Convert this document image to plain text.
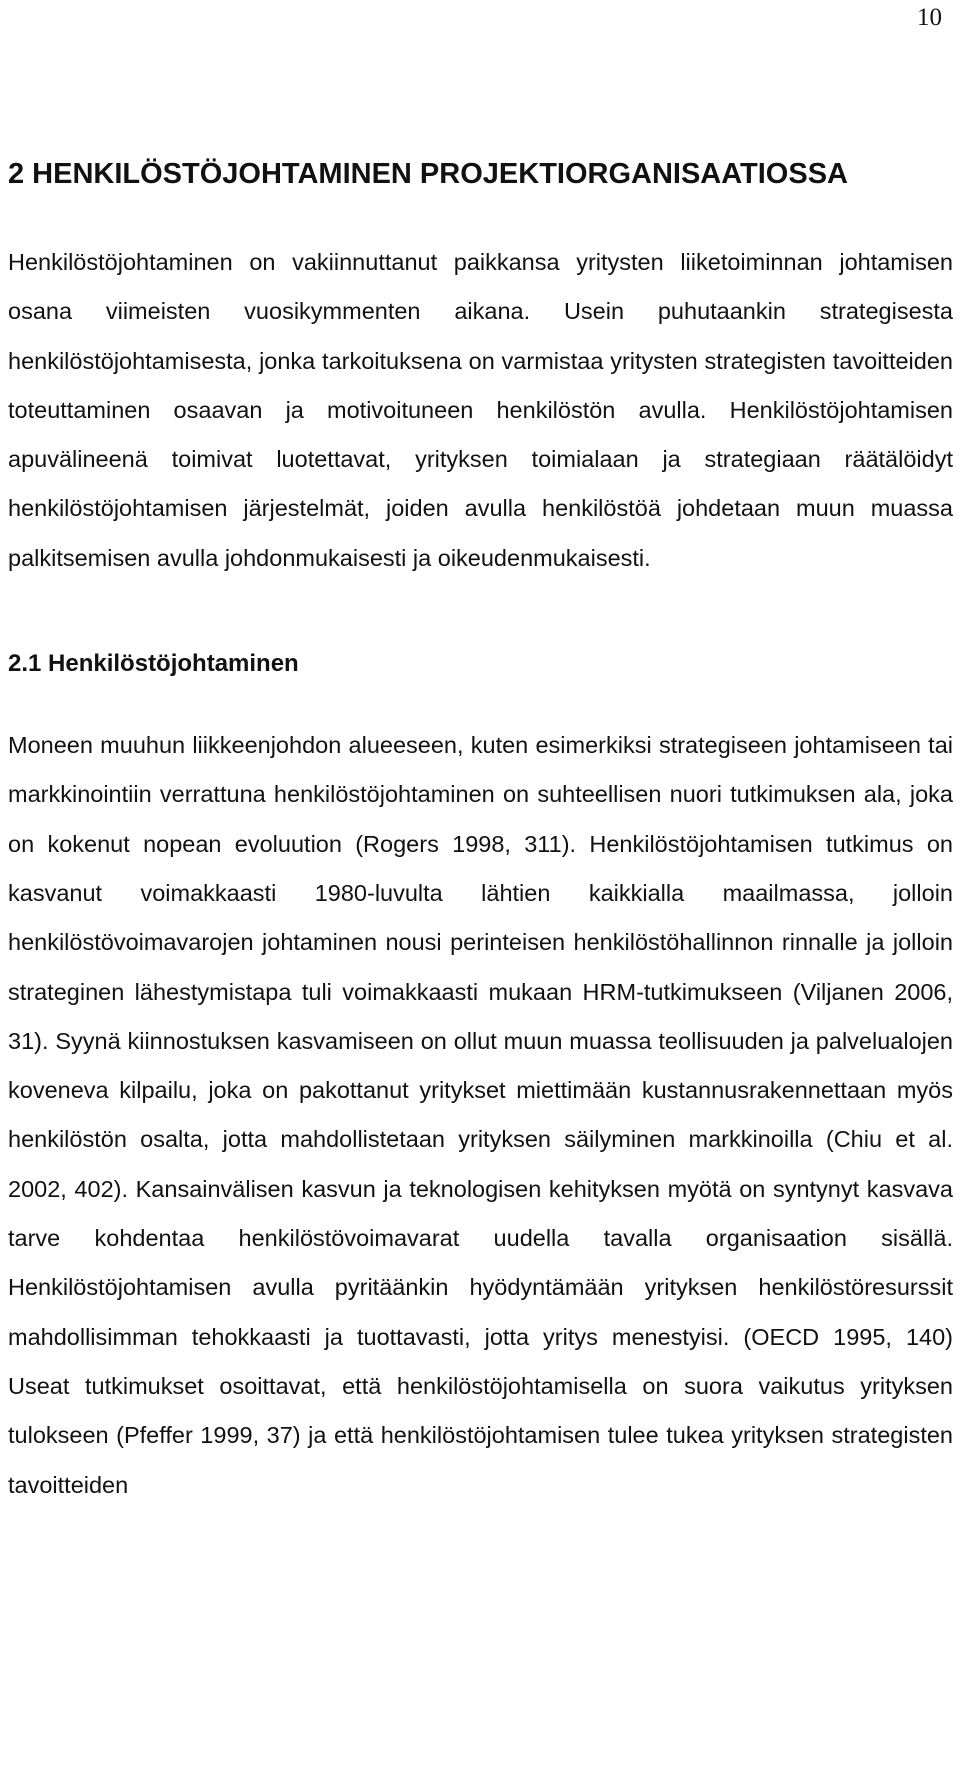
10
2 HENKILÖSTÖJOHTAMINEN PROJEKTIORGANISAATIOSSA

Henkilöstöjohtaminen on vakiinnuttanut paikkansa yritysten liiketoiminnan johtamisen osana viimeisten vuosikymmenten aikana. Usein puhutaankin strategisesta henkilöstöjohtamisesta, jonka tarkoituksena on varmistaa yritysten strategisten tavoitteiden toteuttaminen osaavan ja motivoituneen henkilöstön avulla. Henkilöstöjohtamisen apuvälineenä toimivat luotettavat, yrityksen toimialaan ja strategiaan räätälöidyt henkilöstöjohtamisen järjestelmät, joiden avulla henkilöstöä johdetaan muun muassa palkitsemisen avulla johdonmukaisesti ja oikeudenmukaisesti.

2.1 Henkilöstöjohtaminen

Moneen muuhun liikkeenjohdon alueeseen, kuten esimerkiksi strategiseen johtamiseen tai markkinointiin verrattuna henkilöstöjohtaminen on suhteellisen nuori tutkimuksen ala, joka on kokenut nopean evoluution (Rogers 1998, 311). Henkilöstöjohtamisen tutkimus on kasvanut voimakkaasti 1980-luvulta lähtien kaikkialla maailmassa, jolloin henkilöstövoimavarojen johtaminen nousi perinteisen henkilöstöhallinnon rinnalle ja jolloin strateginen lähestymistapa tuli voimakkaasti mukaan HRM-tutkimukseen (Viljanen 2006, 31). Syynä kiinnostuksen kasvamiseen on ollut muun muassa teollisuuden ja palvelualojen koveneva kilpailu, joka on pakottanut yritykset miettimään kustannusrakennettaan myös henkilöstön osalta, jotta mahdollistetaan yrityksen säilyminen markkinoilla (Chiu et al. 2002, 402). Kansainvälisen kasvun ja teknologisen kehityksen myötä on syntynyt kasvava tarve kohdentaa henkilöstövoimavarat uudella tavalla organisaation sisällä. Henkilöstöjohtamisen avulla pyritäänkin hyödyntämään yrityksen henkilöstöresurssit mahdollisimman tehokkaasti ja tuottavasti, jotta yritys menestyisi. (OECD 1995, 140) Useat tutkimukset osoittavat, että henkilöstöjohtamisella on suora vaikutus yrityksen tulokseen (Pfeffer 1999, 37) ja että henkilöstöjohtamisen tulee tukea yrityksen strategisten tavoitteiden
